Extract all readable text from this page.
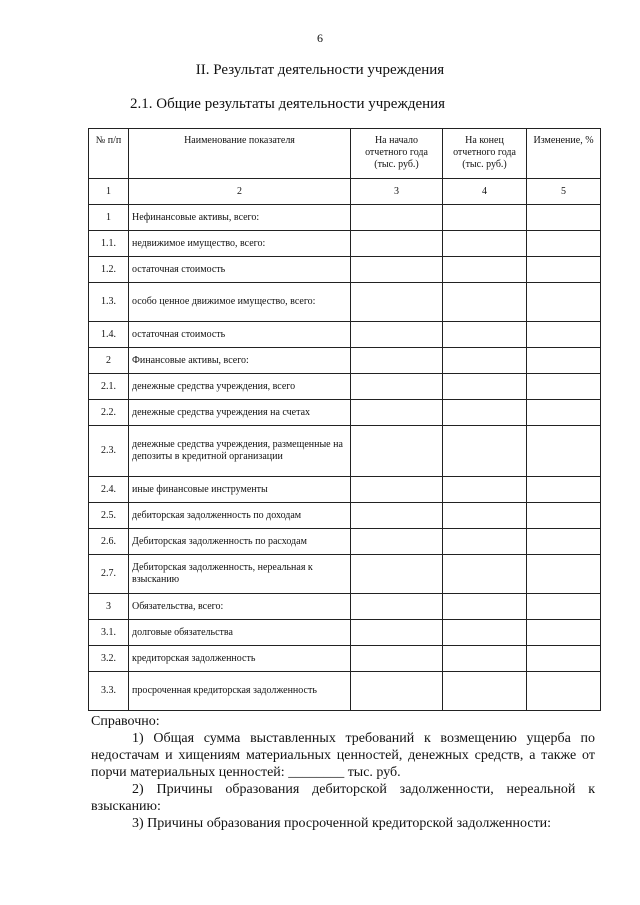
6
II. Результат деятельности учреждения
2.1. Общие результаты деятельности учреждения
№ п/п	Наименование показателя	На начало отчетного года (тыс. руб.)	На конец отчетного года (тыс. руб.)	Изменение, %
1	2	3	4	5
1	Нефинансовые активы, всего:			
1.1.	недвижимое имущество, всего:			
1.2.	остаточная стоимость			
1.3.	особо ценное движимое имущество, всего:			
1.4.	остаточная стоимость			
2	Финансовые активы, всего:			
2.1.	денежные средства учреждения, всего			
2.2.	денежные средства учреждения на счетах			
2.3.	денежные средства учреждения, размещенные на депозиты в кредитной организации			
2.4.	иные финансовые инструменты			
2.5.	дебиторская задолженность по доходам			
2.6.	Дебиторская задолженность по расходам			
2.7.	Дебиторская задолженность, нереальная к взысканию			
3	Обязательства, всего:			
3.1.	долговые обязательства			
3.2.	кредиторская задолженность			
3.3.	просроченная кредиторская задолженность			

Справочно:

1) Общая сумма выставленных требований к возмещению ущерба по недостачам и хищениям материальных ценностей, денежных средств, а также от порчи материальных ценностей: ________ тыс. руб.

2) Причины образования дебиторской задолженности, нереальной к взысканию:

3) Причины образования просроченной кредиторской задолженности:
